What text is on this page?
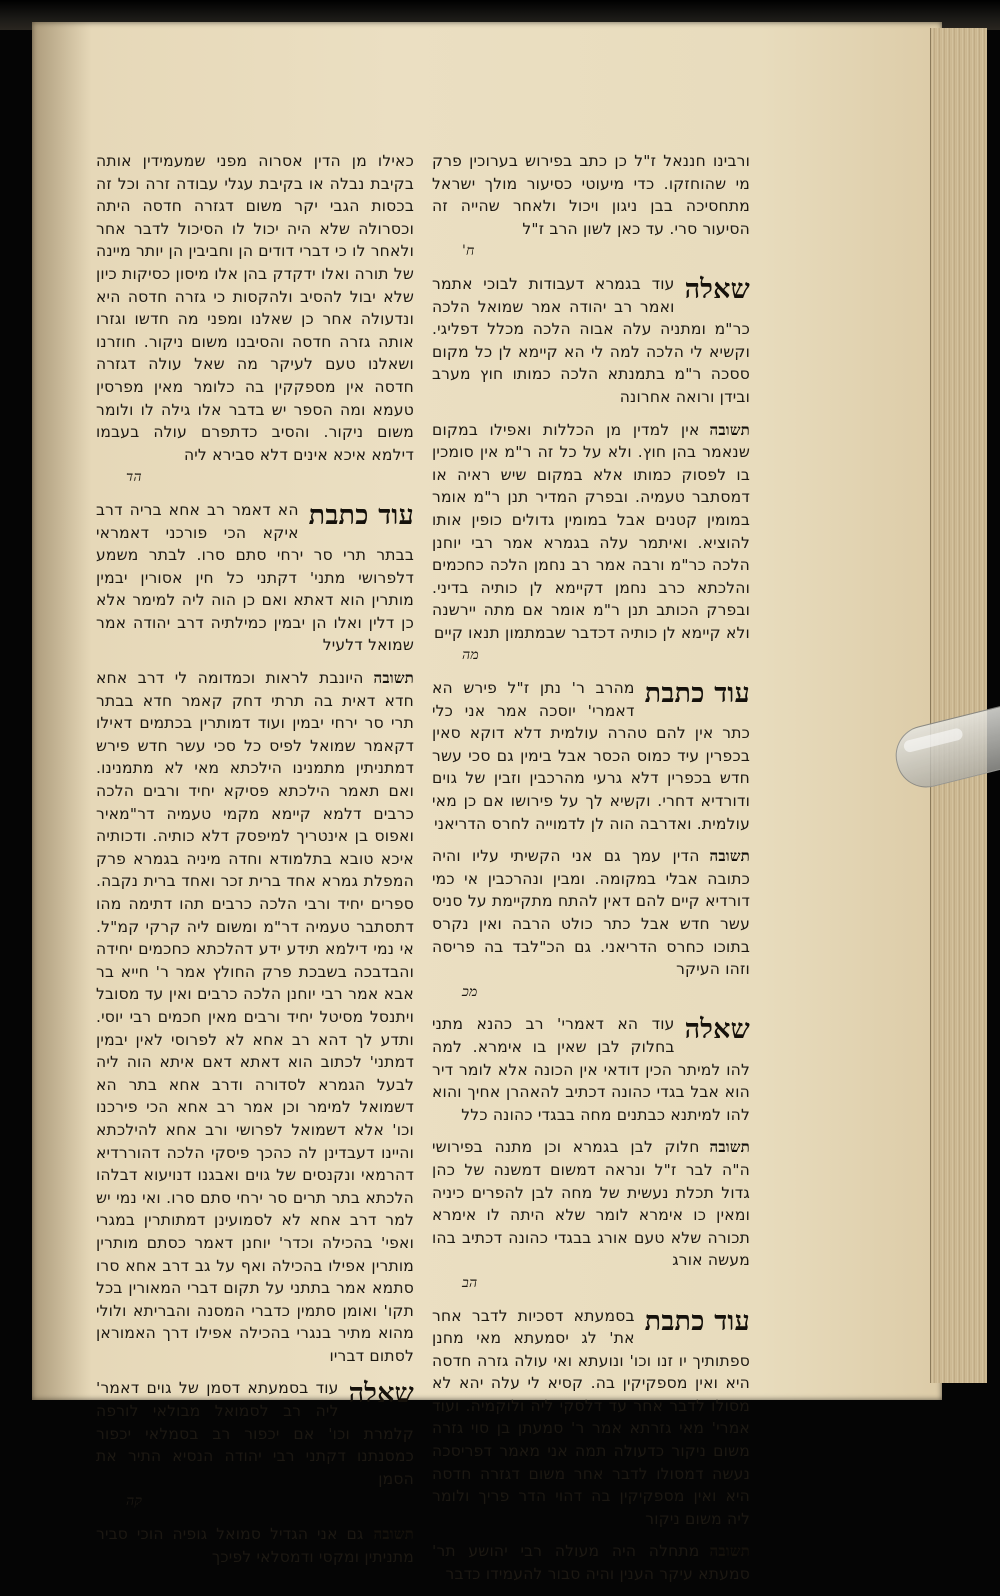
ורבינו חננאל ז"ל כן כתב בפירוש בערוכין פרק מי שהוחזקו. כדי מיעוטי כסיעור מולך ישראל מתחסיכה בבן ניגון ויכול ולאחר שהייה זה הסיעור סרי. עד כאן לשון הרב ז"ל
ח'
שאלה
עוד בגמרא דעבודות לבוכי אתמר ואמר רב יהודה אמר שמואל הלכה כר"מ ומתניה עלה אבוה הלכה מכלל דפליגי. וקשיא לי הלכה למה לי הא קיימא לן כל מקום ססכה ר"מ בתמנתא הלכה כמותו חוץ מערב ובידן ורואה אחרונה
תשובה
אין למדין מן הכללות ואפילו במקום שנאמר בהן חוץ. ולא על כל זה ר"מ אין סומכין בו לפסוק כמותו אלא במקום שיש ראיה או דמסתבר טעמיה. ובפרק המדיר תנן ר"מ אומר במומין קטנים אבל במומין גדולים כופין אותו להוציא. ואיתמר עלה בגמרא אמר רבי יוחנן הלכה כר"מ ורבה אמר רב נחמן הלכה כחכמים והלכתא כרב נחמן דקיימא לן כותיה בדיני. ובפרק הכותב תנן ר"מ אומר אם מתה יירשנה ולא קיימא לן כותיה דכדבר שבמתמון תנאו קיים
מה
עוד כתבת
מהרב ר' נתן ז"ל פירש הא דאמרי' יוסכה אמר אני כלי כתר אין להם טהרה עולמית דלא דוקא סאין בכפרין עיד כמוס הכסר אבל בימין גם סכי עשר חדש בכפרין דלא גרעי מהרכבין וזבין של גוים ודורדיא דחרי. וקשיא לך על פירושו אם כן מאי עולמית. ואדרבה הוה לן לדמוייה לחרס הדריאני
תשובה
הדין עמך גם אני הקשיתי עליו והיה כתובה אבלי במקומה. ומבין ונהרכבין אי כמי דורדיא קיים להם דאין להתח מתקיימת על סניס עשר חדש אבל כתר כולט הרבה ואין נקרס בתוכו כחרס הדריאני. גם הכ"לבד בה פריסה וזהו העיקר
מכ
שאלה
עוד הא דאמרי' רב כהנא מתני בחלוק לבן שאין בו אימרא. למה להו למיתר הכין דודאי אין הכונה אלא לומר דיר הוא אבל בגדי כהונה דכתיב להאהרן אחיך והוא להו למיתנא כבתנים מחה בבגדי כהונה כלל
תשובה
חלוק לבן בגמרא וכן מתנה בפירושי ה"ה לבר ז"ל ונראה דמשום דמשנה של כהן גדול תכלת נעשית של מחה לבן להפרים כיניה ומאין כו אימרא לומר שלא היתה לו אימרא תכורה שלא טעם אורג בבגדי כהונה דכתיב בהו מעשה אורג
הב
עוד כתבת
בסמעתא דסכיות לדבר אחר את' לג יסמעתא מאי מחנן ספתותיך יו זנו וכו' ונועתא ואי עולה גזרה חדסה היא ואין מספקיקין בה. קסיא לי עלה יהא לא מסולו לדבר אחר עד דלסקי ליה ולוקמיה. ועוד אמרי' מאי גזרתא אמר ר' סמעתן בן סוי גזרה משום ניקור כדעולה תמה אני מאמר דפריסכה נעשה דמסולו לדבר אחר משום דגזרה חדסה היא ואין מספקיקין בה דהוי הדר פריך ולומר ליה משום ניקור
תשובה
מתחלה היה מעולה רבי יהושע תר' סמעתא עיקר הענין והיה סבור להעמידו כדבר
כאילו מן הדין אסרוה מפני שמעמידין אותה בקיבת נבלה או בקיבת עגלי עבודה זרה וכל זה בכסות הגבי יקר משום דגזרה חדסה היתה וכסרולה שלא היה יכול לו הסיכול לדבר אחר ולאחר לו כי דברי דודים הן וחביבין הן יותר מיינה של תורה ואלו ידקדק בהן אלו מיסון כסיקות כיון שלא יבול להסיב ולהקסות כי גזרה חדסה היא ונדעולה אחר כן שאלנו ומפני מה חדשו וגזרו אותה גזרה חדסה והסיבנו משום ניקור. חוזרנו ושאלנו טעם לעיקר מה שאל עולה דגזרה חדסה אין מספקקין בה כלומר מאין מפרסין טעמא ומה הספר יש בדבר אלו גילה לו ולומר משום ניקור. והסיב כדתפרם עולה בעבמו דילמא איכא אינים דלא סבירא ליה
הד
עוד כתבת
הא דאמר רב אחא בריה דרב איקא הכי פורכני דאמראי בבתר תרי סר ירחי סתם סרו. לבתר משמע דלפרושי מתני' דקתני כל חין אסורין יבמין מותרין הוא דאתא ואם כן הוה ליה למימר אלא כן דלין ואלו הן יבמין כמילתיה דרב יהודה אמר שמואל דלעיל
תשובה
היונבת לראות וכמדומה לי דרב אחא חדא דאית בה תרתי דחק קאמר חדא בבתר תרי סר ירחי יבמין ועוד דמותרין בכתמים דאילו דקאמר שמואל לפיס כל סכי עשר חדש פירש דמתניתין מתמנינו הילכתא מאי לא מתמנינו. ואם תאמר הילכתא פסיקא יחיד ורבים הלכה כרבים דלמא קיימא מקמי טעמיה דר"מאיר ואפוס בן אינטריך למיפסק דלא כותיה. ודכותיה איכא טובא בתלמודא וחדה מיניה בגמרא פרק המפלת גמרא אחד ברית זכר ואחד ברית נקבה. ספרים יחיד ורבי הלכה כרבים תהו דתימה מהו דתסתבר טעמיה דר"מ ומשום ליה קרקי קמ"ל. אי נמי דילמא תידע ידע דהלכתא כחכמים יחידה והבדבכה בשבכת פרק החולץ אמר ר' חייא בר אבא אמר רבי יוחנן הלכה כרבים ואין עד מסובל ויתנסל מסיטל יחיד ורבים מאין חכמים רבי יוסי. ותדע לך דהא רב אחא לא לפרוסי לאין יבמין דמתני' לכתוב הוא דאתא דאם איתא הוה ליה לבעל הגמרא לסדורה ודרב אחא בתר הא דשמואל למימר וכן אמר רב אחא הכי פירכנו וכו' אלא דשמואל לפרושי ורב אחא להילכתא והיינו דעבדינן לה כהכך פיסקי הלכה דהוררדיא דהרמאי ונקנסים של גוים ואבגנו דנויעוא דבלהו הלכתא בתר תרים סר ירחי סתם סרו. ואי נמי יש למר דרב אחא לא לסמועינן דמתותרין במגרי ואפי' בהכילה וכדר' יוחנן דאמר כסתם מותרין מותרין אפילו בהכילה ואף על גב דרב אחא סרו סתמא אמר בתתני על תקום דברי המאורין בכל תקו' ואומן סתמין כדברי המסנה והבריתא ולולי מהוא מתיר בנגרי בהכילה אפילו דרך האמוראן לסתום דבריו
שאלה
עוד בסמעתא דסמן של גוים דאמר' ליה רב לסמואל מבולאי לורפה קלמרת וכו' אם יכפור רב בסמלאי יכפור כמסנתנו דקתני רבי יהודה הנסיא התיר את הסמן
קה
תשובה
גם אני הגדיל סמואל גופיה הוכי סביר מתניתין ומקסי ודמסלאי לפיכך
